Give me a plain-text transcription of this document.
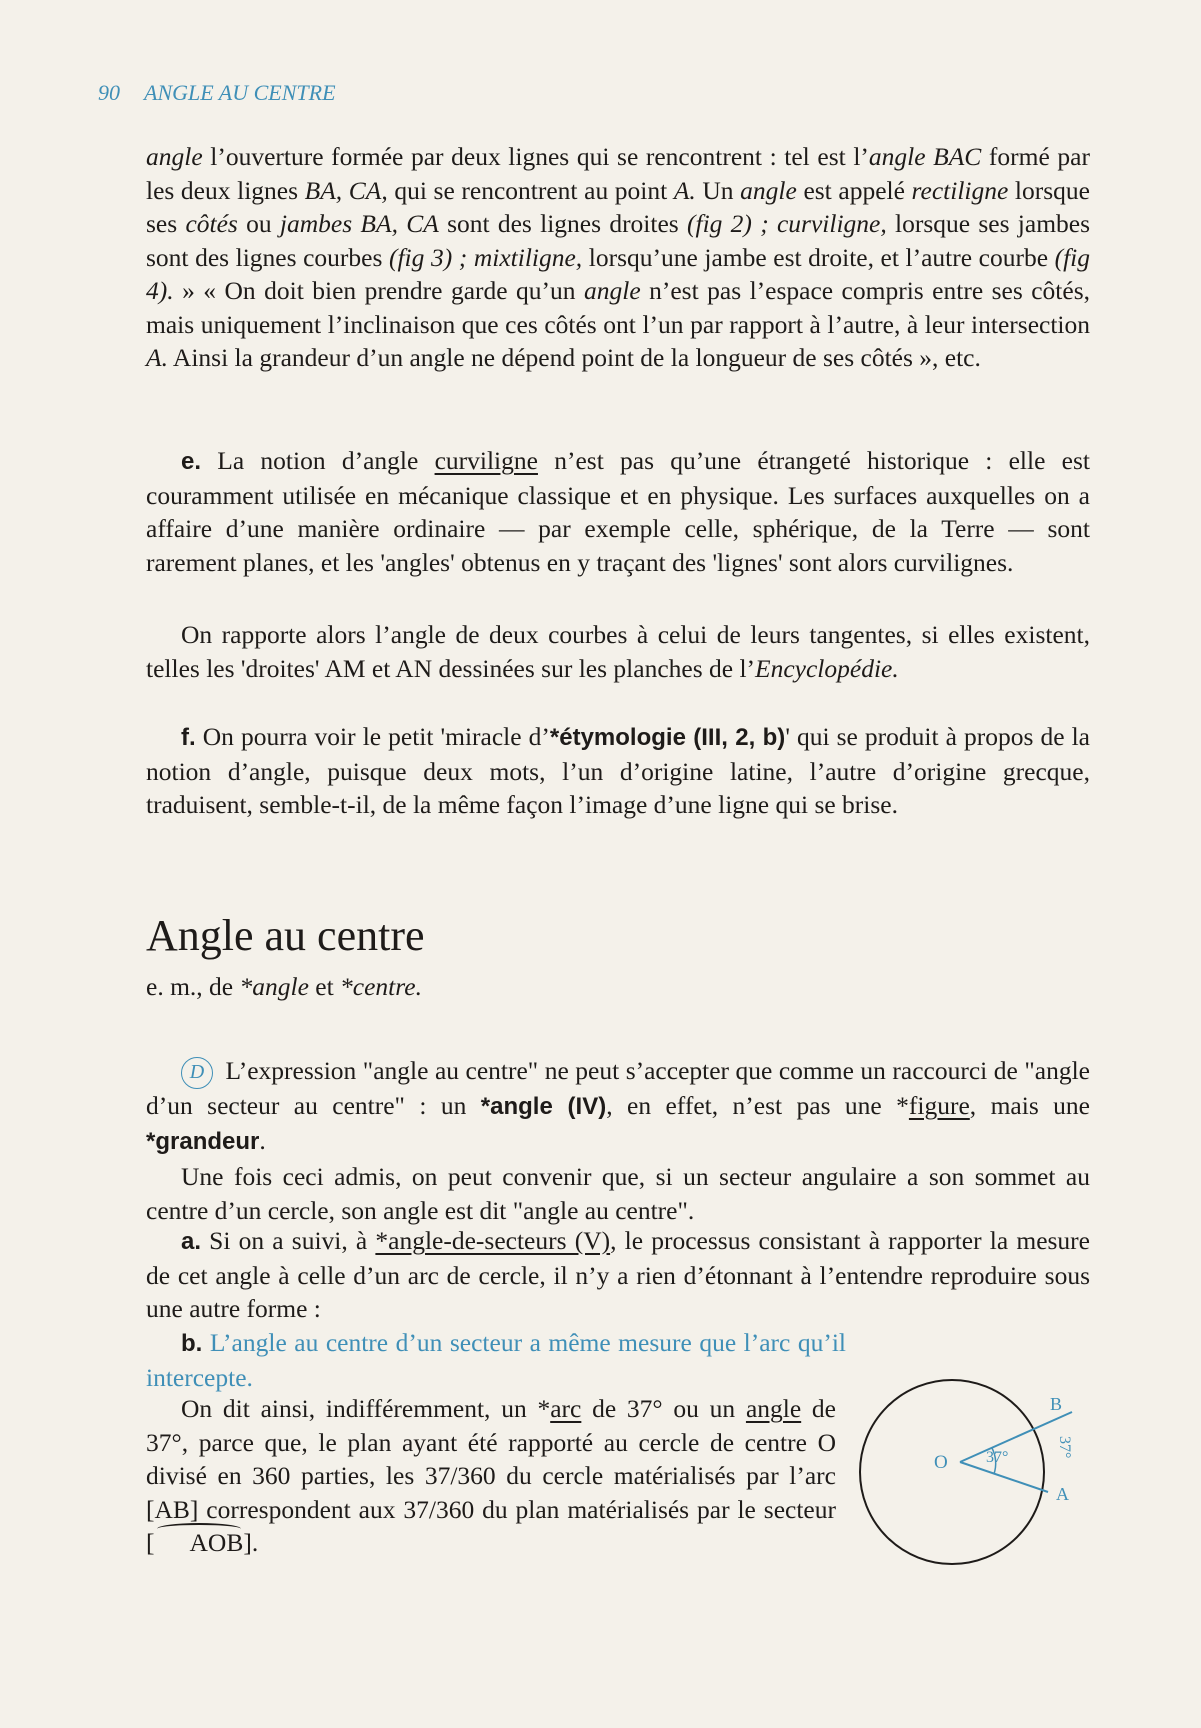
90 ANGLE AU CENTRE

angle l’ouverture formée par deux lignes qui se rencontrent : tel est l’angle BAC formé par les deux lignes BA, CA, qui se rencontrent au point A. Un angle est appelé rectiligne lorsque ses côtés ou jambes BA, CA sont des lignes droites (fig 2) ; curviligne, lorsque ses jambes sont des lignes courbes (fig 3) ; mixtiligne, lorsqu’une jambe est droite, et l’autre courbe (fig 4). » « On doit bien prendre garde qu’un angle n’est pas l’espace compris entre ses côtés, mais uniquement l’inclinaison que ces côtés ont l’un par rapport à l’autre, à leur intersection A. Ainsi la grandeur d’un angle ne dépend point de la longueur de ses côtés », etc.

e. La notion d’angle curviligne n’est pas qu’une étrangeté historique : elle est couramment utilisée en mécanique classique et en physique. Les surfaces auxquelles on a affaire d’une manière ordinaire — par exemple celle, sphérique, de la Terre — sont rarement planes, et les 'angles' obtenus en y traçant des 'lignes' sont alors curvilignes.

On rapporte alors l’angle de deux courbes à celui de leurs tangentes, si elles existent, telles les 'droites' AM et AN dessinées sur les planches de l’Encyclopédie.

f. On pourra voir le petit 'miracle d’*étymologie (III, 2, b)' qui se produit à propos de la notion d’angle, puisque deux mots, l’un d’origine latine, l’autre d’origine grecque, traduisent, semble-t-il, de la même façon l’image d’une ligne qui se brise.

Angle au centre
e. m., de *angle et *centre.

D L’expression "angle au centre" ne peut s’accepter que comme un raccourci de "angle d’un secteur au centre" : un *angle (IV), en effet, n’est pas une *figure, mais une *grandeur.

Une fois ceci admis, on peut convenir que, si un secteur angulaire a son sommet au centre d’un cercle, son angle est dit "angle au centre".

a. Si on a suivi, à *angle-de-secteurs (V), le processus consistant à rapporter la mesure de cet angle à celle d’un arc de cercle, il n’y a rien d’étonnant à l’entendre reproduire sous une autre forme :

b. L’angle au centre d’un secteur a même mesure que l’arc qu’il intercepte.

On dit ainsi, indifféremment, un *arc de 37° ou un angle de 37°, parce que, le plan ayant été rapporté au cercle de centre O divisé en 360 parties, les 37/360 du cercle matérialisés par l’arc [AB] correspondent aux 37/360 du plan matérialisés par le secteur [ AOB].

O
B
A
37°	37°
